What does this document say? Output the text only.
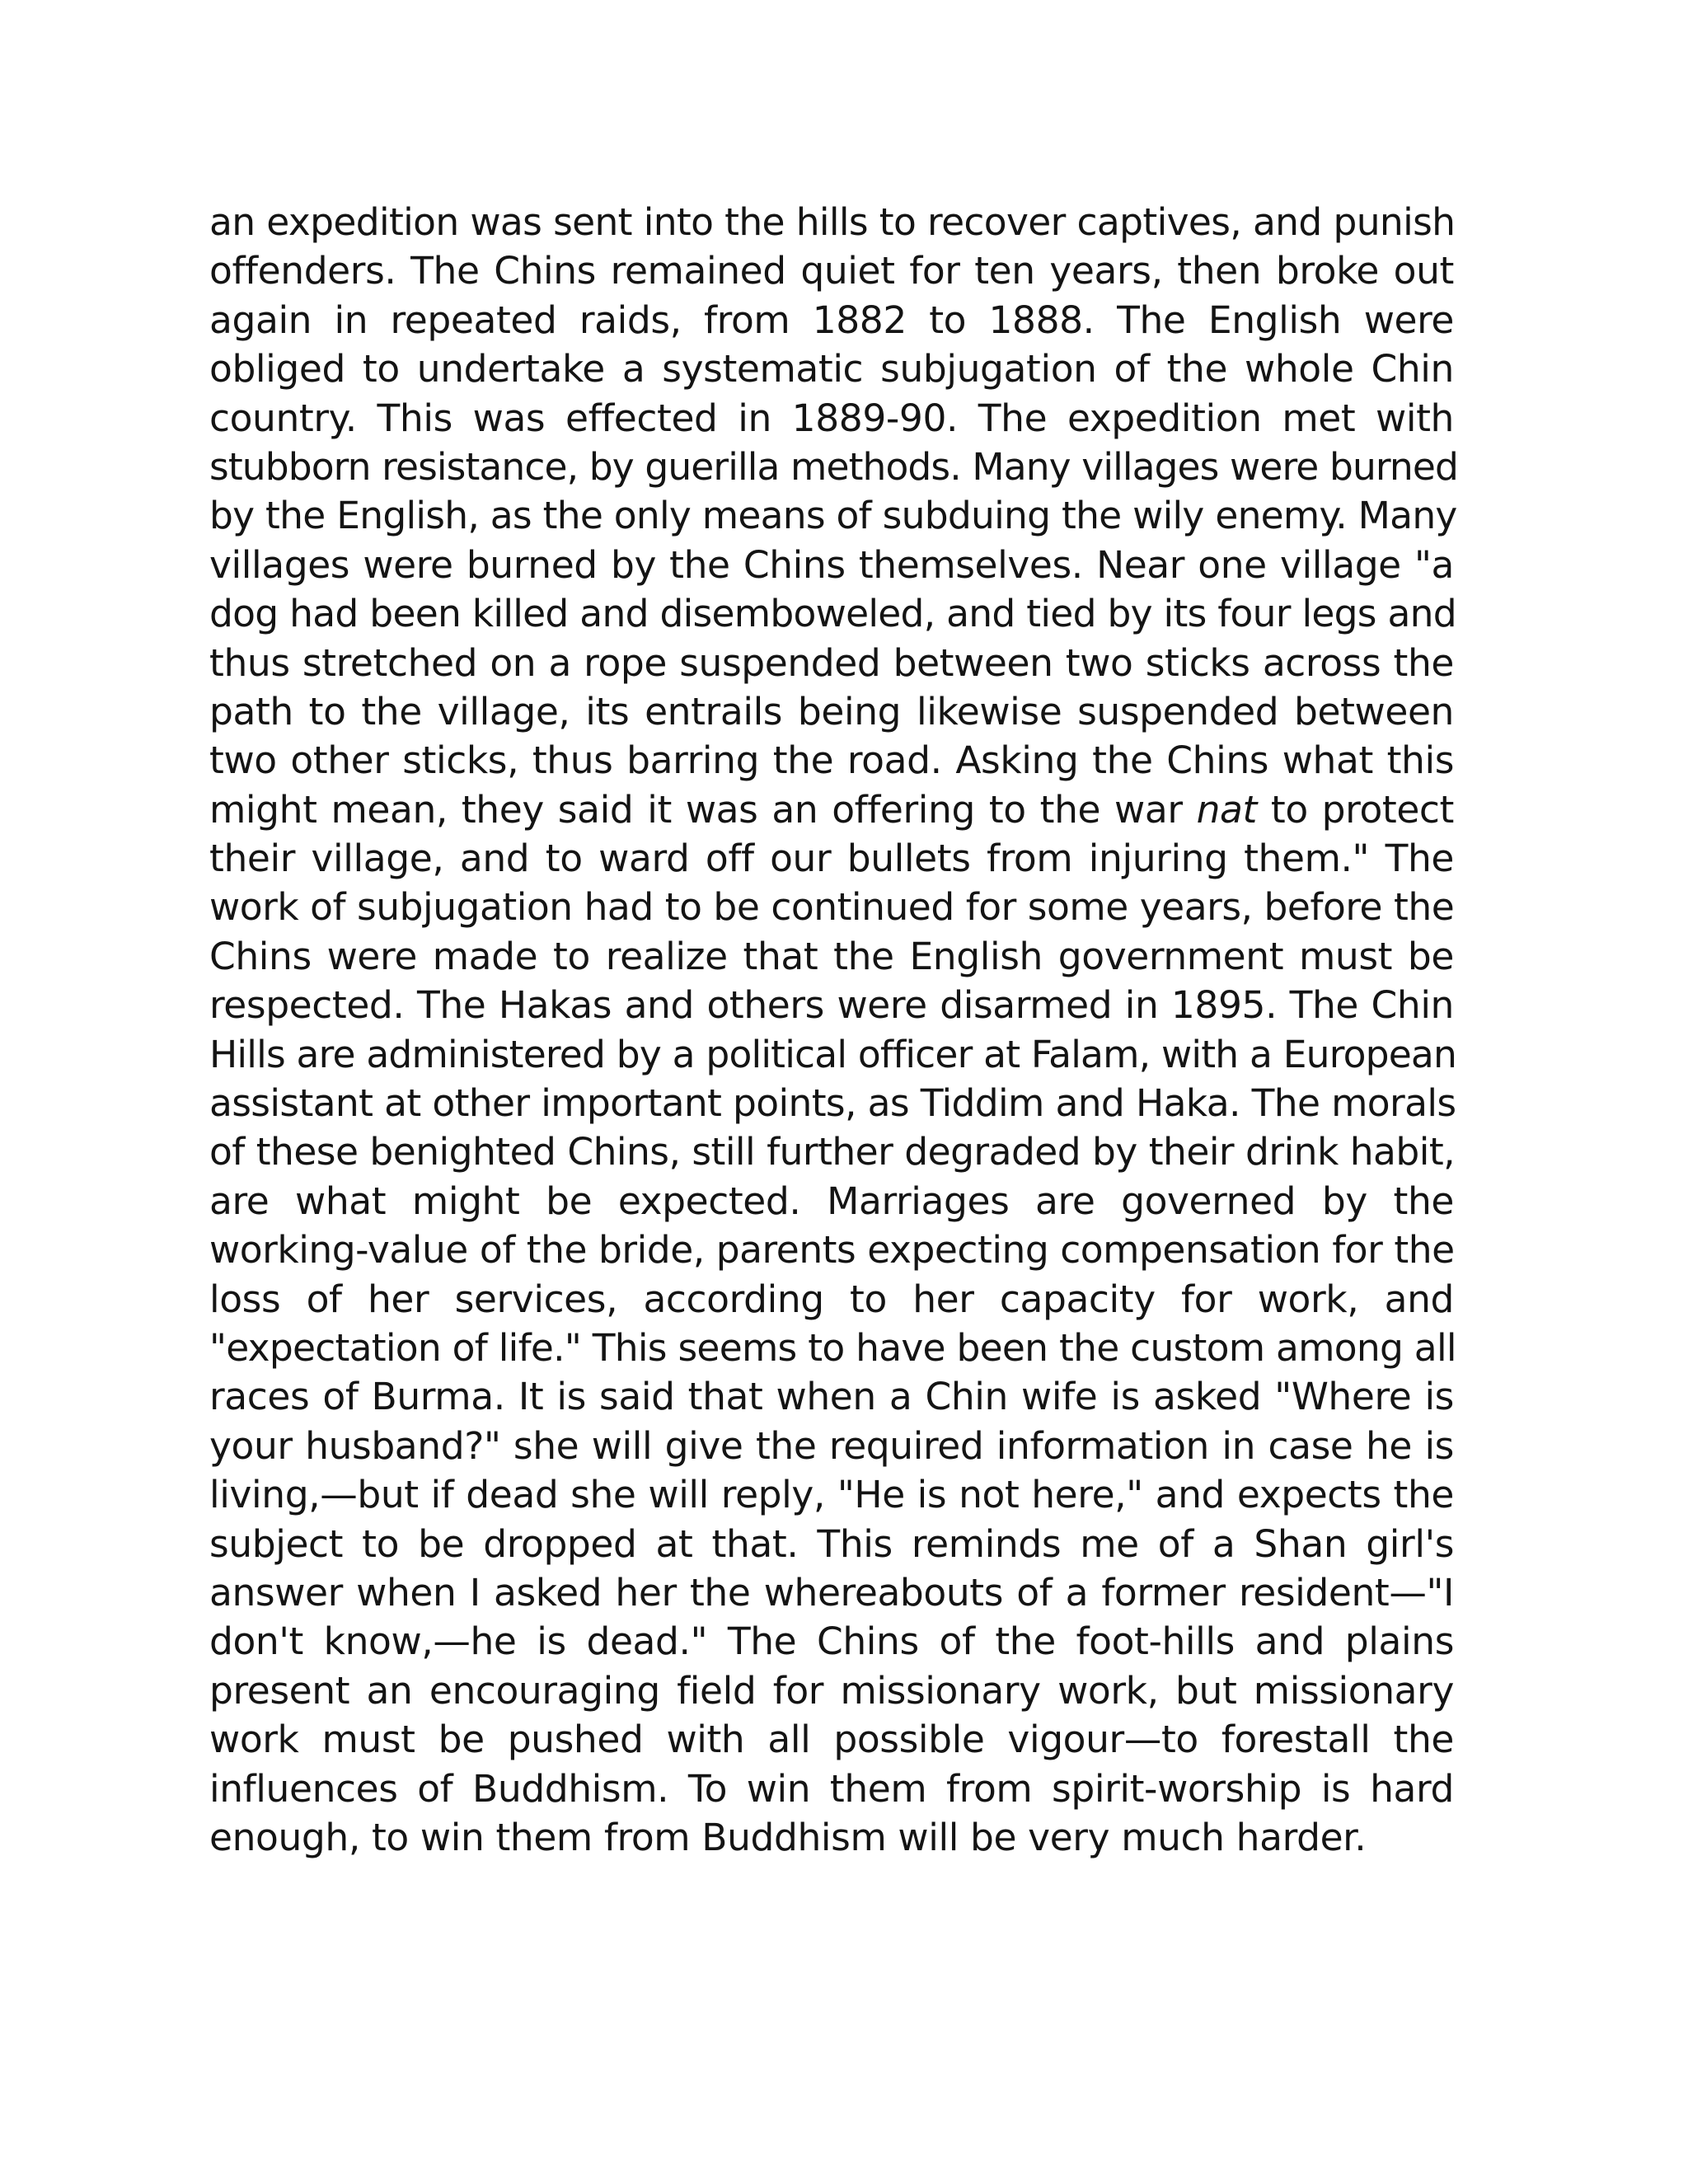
an expedition was sent into the hills to recover captives, and punish
offenders. The Chins remained quiet for ten years, then broke out
again in repeated raids, from 1882 to 1888. The English were
obliged to undertake a systematic subjugation of the whole Chin
country. This was effected in 1889-90. The expedition met with
stubborn resistance, by guerilla methods. Many villages were burned
by the English, as the only means of subduing the wily enemy. Many
villages were burned by the Chins themselves. Near one village "a
dog had been killed and disemboweled, and tied by its four legs and
thus stretched on a rope suspended between two sticks across the
path to the village, its entrails being likewise suspended between
two other sticks, thus barring the road. Asking the Chins what this
might mean, they said it was an offering to the war nat to protect
their village, and to ward off our bullets from injuring them." The
work of subjugation had to be continued for some years, before the
Chins were made to realize that the English government must be
respected. The Hakas and others were disarmed in 1895. The Chin
Hills are administered by a political officer at Falam, with a European
assistant at other important points, as Tiddim and Haka. The morals
of these benighted Chins, still further degraded by their drink habit,
are what might be expected. Marriages are governed by the
working-value of the bride, parents expecting compensation for the
loss of her services, according to her capacity for work, and
"expectation of life." This seems to have been the custom among all
races of Burma. It is said that when a Chin wife is asked "Where is
your husband?" she will give the required information in case he is
living,—but if dead she will reply, "He is not here," and expects the
subject to be dropped at that. This reminds me of a Shan girl's
answer when I asked her the whereabouts of a former resident—"I
don't know,—he is dead." The Chins of the foot-hills and plains
present an encouraging field for missionary work, but missionary
work must be pushed with all possible vigour—to forestall the
influences of Buddhism. To win them from spirit-worship is hard
enough, to win them from Buddhism will be very much harder.
